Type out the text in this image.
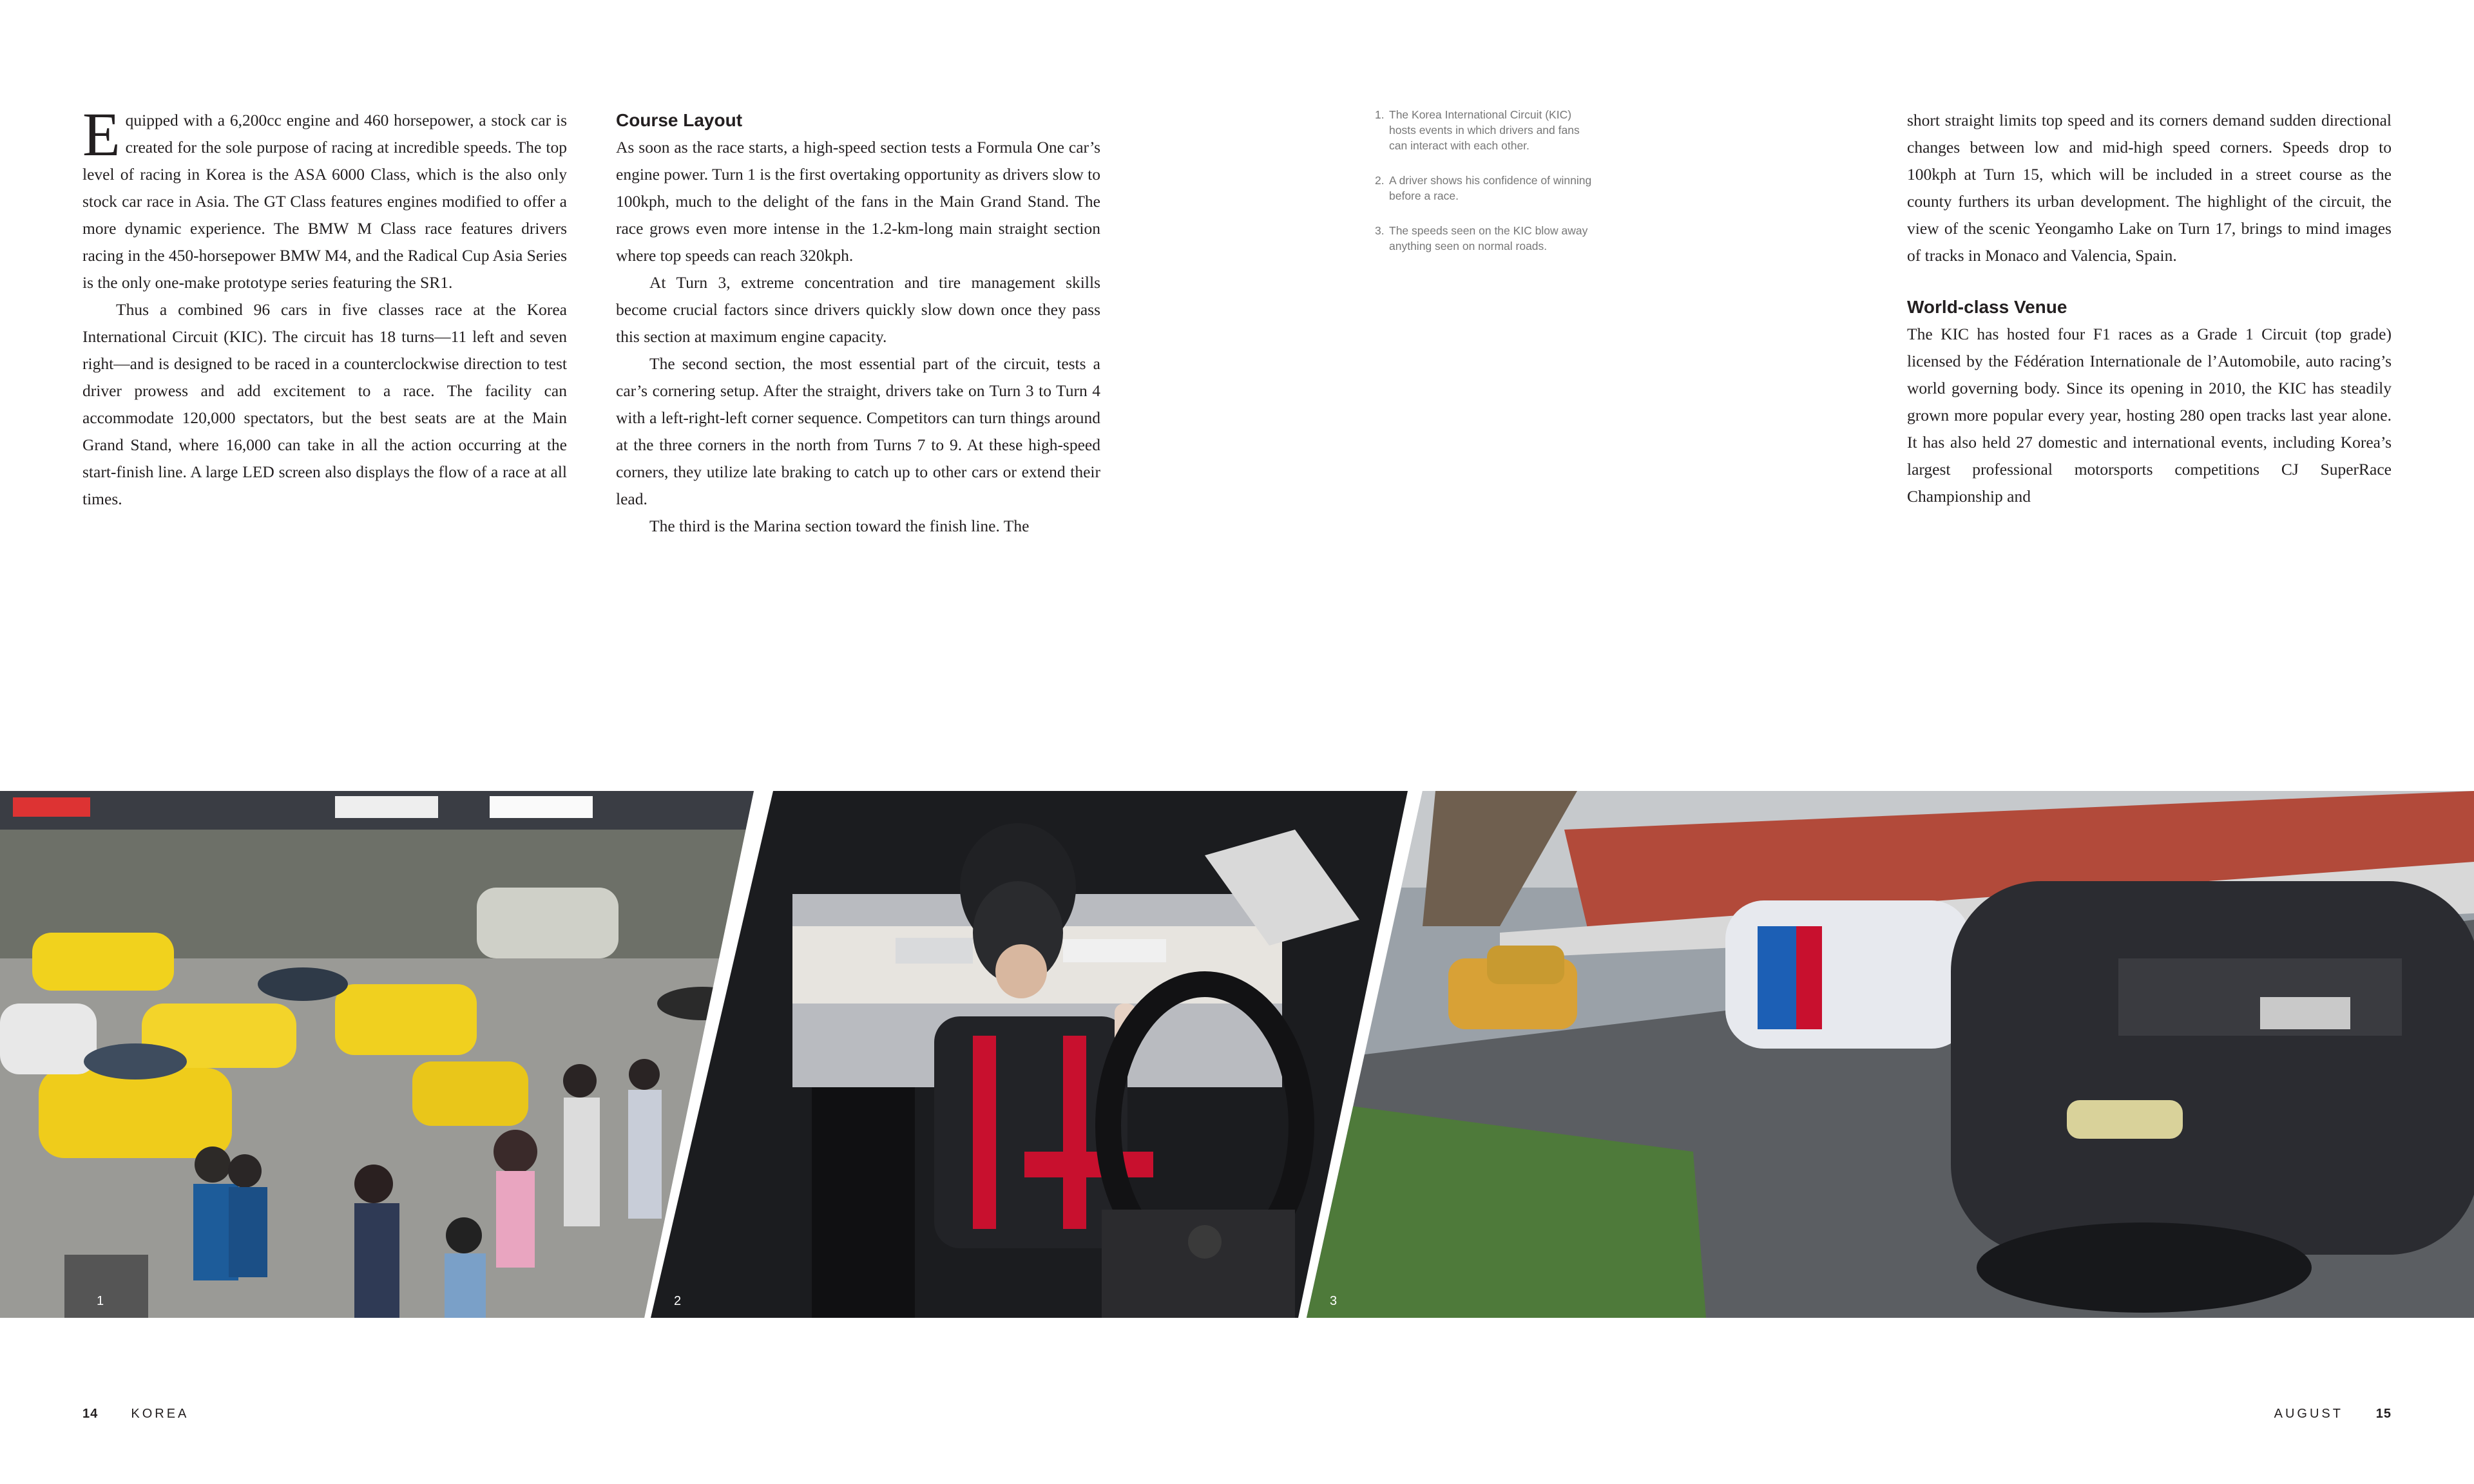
Equipped with a 6,200cc engine and 460 horsepower, a stock car is created for the sole purpose of racing at incredible speeds. The top level of racing in Korea is the ASA 6000 Class, which is the also only stock car race in Asia. The GT Class features engines modified to offer a more dynamic experience. The BMW M Class race features drivers racing in the 450-horsepower BMW M4, and the Radical Cup Asia Series is the only one-make prototype series featuring the SR1.

Thus a combined 96 cars in five classes race at the Korea International Circuit (KIC). The circuit has 18 turns—11 left and seven right—and is designed to be raced in a counterclockwise direction to test driver prowess and add excitement to a race. The facility can accommodate 120,000 spectators, but the best seats are at the Main Grand Stand, where 16,000 can take in all the action occurring at the start-finish line. A large LED screen also displays the flow of a race at all times.

Course Layout

As soon as the race starts, a high-speed section tests a Formula One car’s engine power. Turn 1 is the first overtaking opportunity as drivers slow to 100kph, much to the delight of the fans in the Main Grand Stand. The race grows even more intense in the 1.2-km-long main straight section where top speeds can reach 320kph.

At Turn 3, extreme concentration and tire management skills become crucial factors since drivers quickly slow down once they pass this section at maximum engine capacity.

The second section, the most essential part of the circuit, tests a car’s cornering setup. After the straight, drivers take on Turn 3 to Turn 4 with a left-right-left corner sequence. Competitors can turn things around at the three corners in the north from Turns 7 to 9. At these high-speed corners, they utilize late braking to catch up to other cars or extend their lead.

The third is the Marina section toward the finish line. The

1. The Korea International Circuit (KIC) hosts events in which drivers and fans can interact with each other.
2. A driver shows his confidence of winning before a race.
3. The speeds seen on the KIC blow away anything seen on normal roads.

short straight limits top speed and its corners demand sudden directional changes between low and mid-high speed corners. Speeds drop to 100kph at Turn 15, which will be included in a street course as the county furthers its urban development. The highlight of the circuit, the view of the scenic Yeongamho Lake on Turn 17, brings to mind images of tracks in Monaco and Valencia, Spain.

World-class Venue

The KIC has hosted four F1 races as a Grade 1 Circuit (top grade) licensed by the Fédération Internationale de l’Automobile, auto racing’s world governing body. Since its opening in 2010, the KIC has steadily grown more popular every year, hosting 280 open tracks last year alone. It has also held 27 domestic and international events, including Korea’s largest professional motorsports competitions CJ SuperRace Championship and

1	2	3
14	KOREA	AUGUST	15
